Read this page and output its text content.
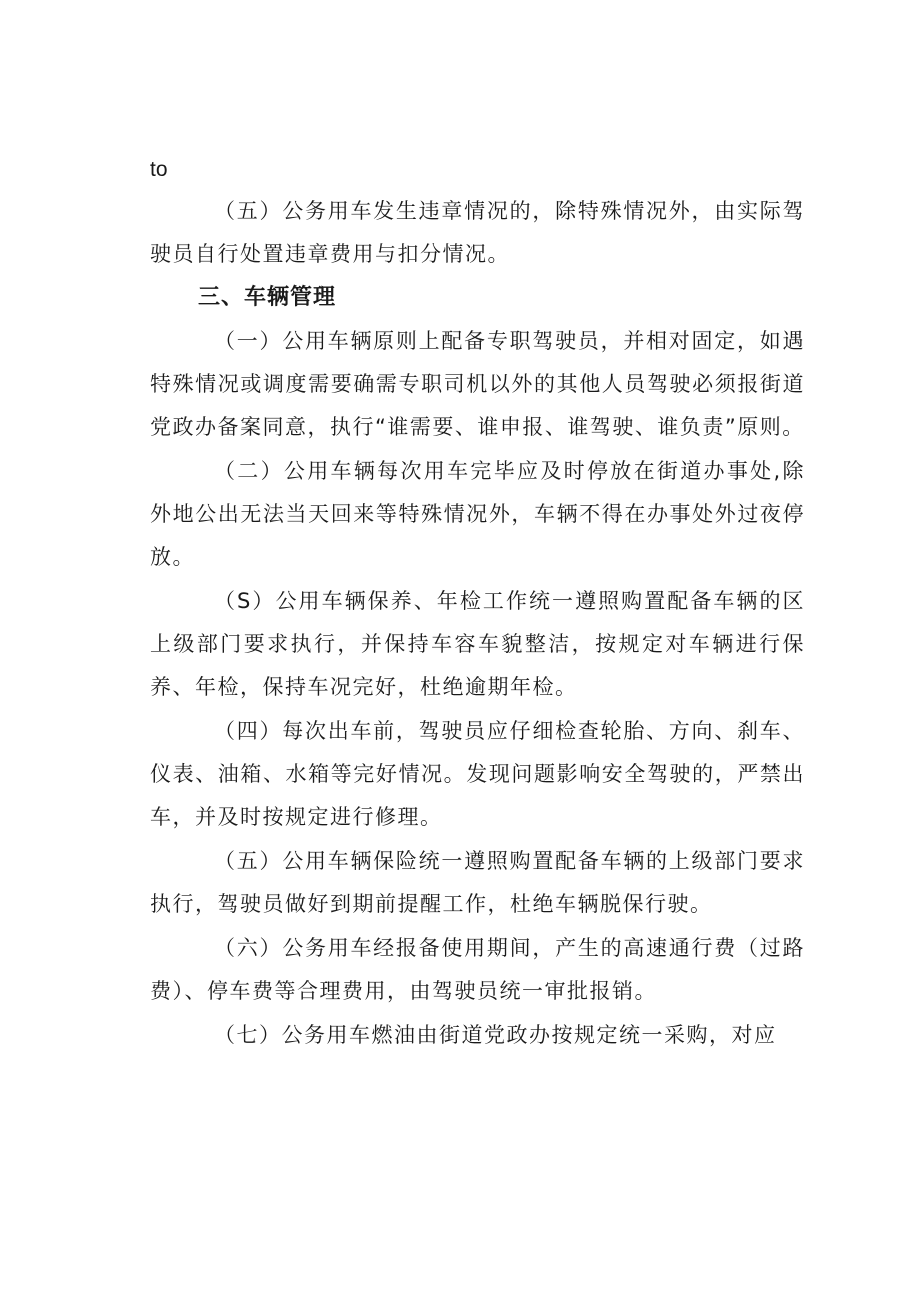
to

（五）公务用车发生违章情况的，除特殊情况外，由实际驾驶员自行处置违章费用与扣分情况。

三、车辆管理

（一）公用车辆原则上配备专职驾驶员，并相对固定，如遇特殊情况或调度需要确需专职司机以外的其他人员驾驶必须报街道党政办备案同意，执行“谁需要、谁申报、谁驾驶、谁负责”原则。

（二）公用车辆每次用车完毕应及时停放在街道办事处,除外地公出无法当天回来等特殊情况外，车辆不得在办事处外过夜停放。

（S）公用车辆保养、年检工作统一遵照购置配备车辆的区上级部门要求执行，并保持车容车貌整洁，按规定对车辆进行保养、年检，保持车况完好，杜绝逾期年检。

（四）每次出车前，驾驶员应仔细检查轮胎、方向、刹车、仪表、油箱、水箱等完好情况。发现问题影响安全驾驶的，严禁出车，并及时按规定进行修理。

（五）公用车辆保险统一遵照购置配备车辆的上级部门要求执行，驾驶员做好到期前提醒工作，杜绝车辆脱保行驶。

（六）公务用车经报备使用期间，产生的高速通行费（过路费）、停车费等合理费用，由驾驶员统一审批报销。

（七）公务用车燃油由街道党政办按规定统一采购，对应
